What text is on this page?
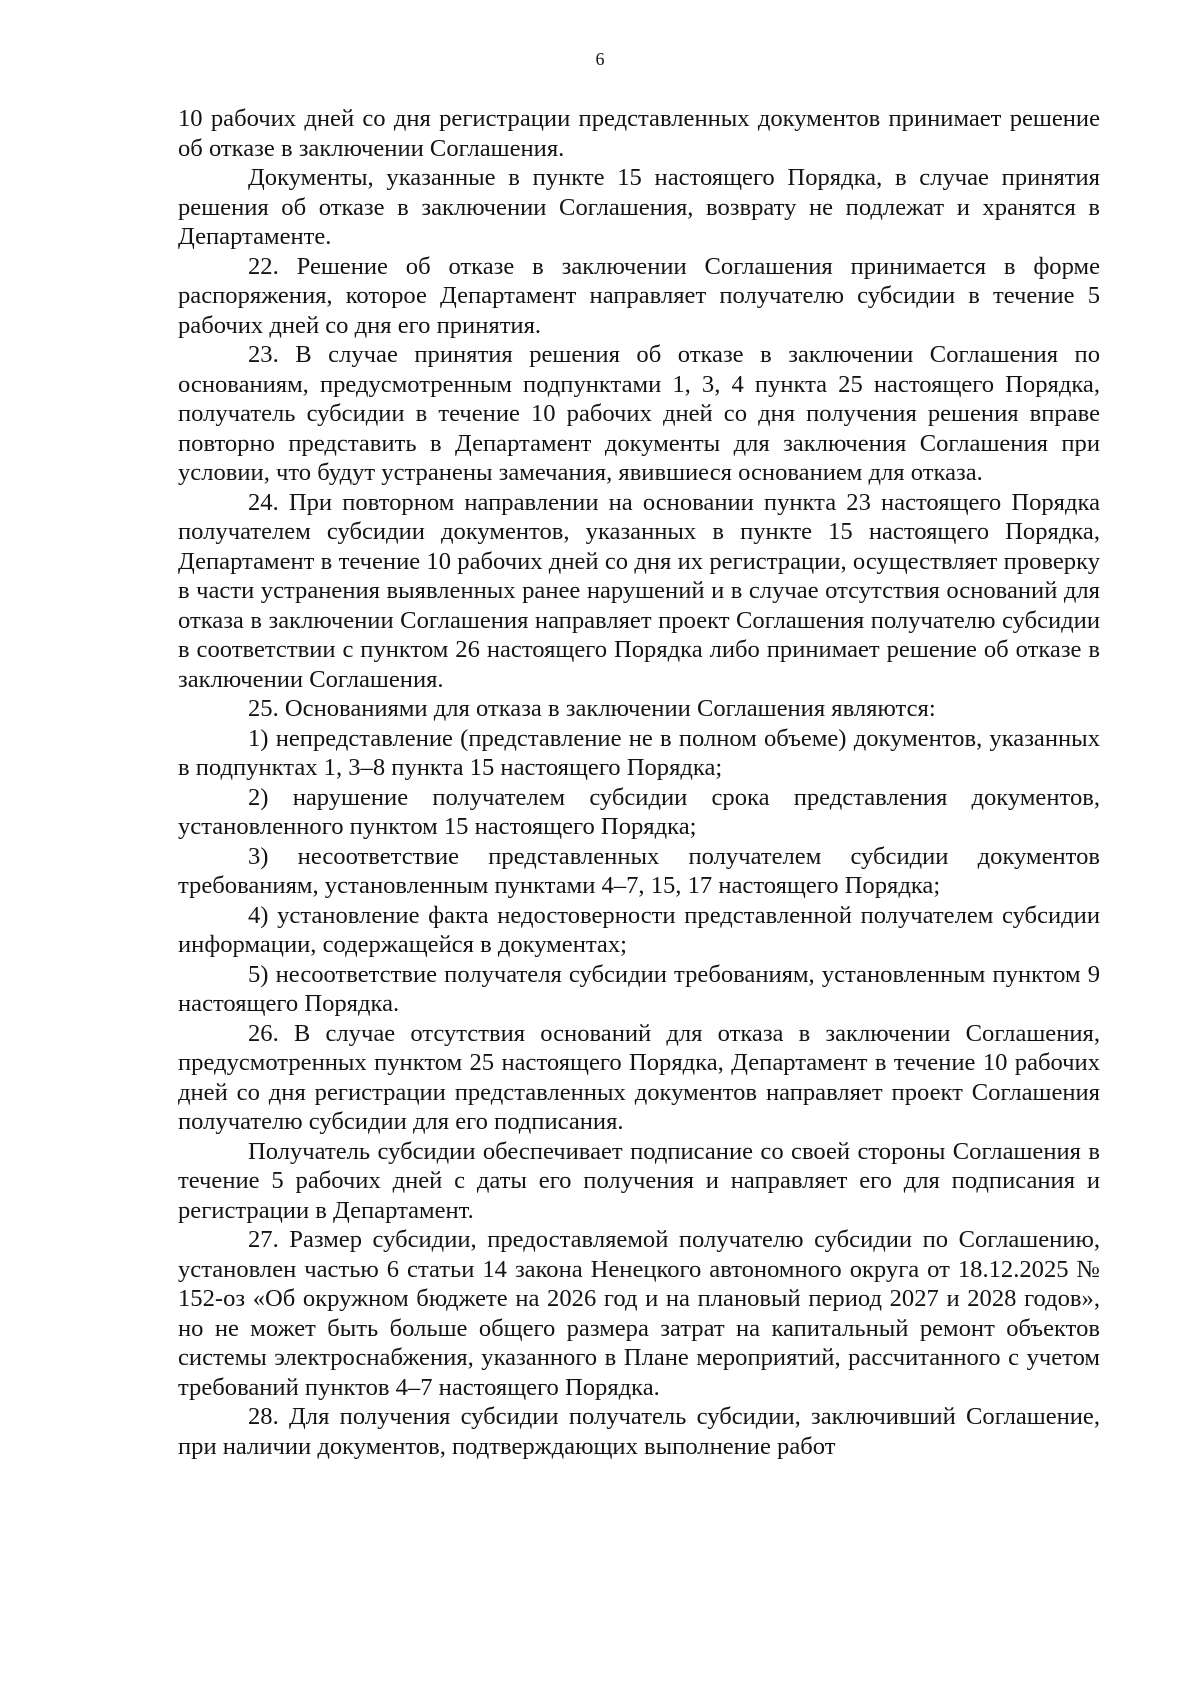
6

10 рабочих дней со дня регистрации представленных документов принимает решение об отказе в заключении Соглашения.

Документы, указанные в пункте 15 настоящего Порядка, в случае принятия решения об отказе в заключении Соглашения, возврату не подлежат и хранятся в Департаменте.

22. Решение об отказе в заключении Соглашения принимается в форме распоряжения, которое Департамент направляет получателю субсидии в течение 5 рабочих дней со дня его принятия.

23. В случае принятия решения об отказе в заключении Соглашения по основаниям, предусмотренным подпунктами 1, 3, 4 пункта 25 настоящего Порядка, получатель субсидии в течение 10 рабочих дней со дня получения решения вправе повторно представить в Департамент документы для заключения Соглашения при условии, что будут устранены замечания, явившиеся основанием для отказа.

24. При повторном направлении на основании пункта 23 настоящего Порядка получателем субсидии документов, указанных в пункте 15 настоящего Порядка, Департамент в течение 10 рабочих дней со дня их регистрации, осуществляет проверку в части устранения выявленных ранее нарушений и в случае отсутствия оснований для отказа в заключении Соглашения направляет проект Соглашения получателю субсидии в соответствии с пунктом 26 настоящего Порядка либо принимает решение об отказе в заключении Соглашения.

25. Основаниями для отказа в заключении Соглашения являются:

1) непредставление (представление не в полном объеме) документов, указанных в подпунктах 1, 3–8 пункта 15 настоящего Порядка;

2) нарушение получателем субсидии срока представления документов, установленного пунктом 15 настоящего Порядка;

3) несоответствие представленных получателем субсидии документов требованиям, установленным пунктами 4–7, 15, 17 настоящего Порядка;

4) установление факта недостоверности представленной получателем субсидии информации, содержащейся в документах;

5) несоответствие получателя субсидии требованиям, установленным пунктом 9 настоящего Порядка.

26. В случае отсутствия оснований для отказа в заключении Соглашения, предусмотренных пунктом 25 настоящего Порядка, Департамент в течение 10 рабочих дней со дня регистрации представленных документов направляет проект Соглашения получателю субсидии для его подписания.

Получатель субсидии обеспечивает подписание со своей стороны Соглашения в течение 5 рабочих дней с даты его получения и направляет его для подписания и регистрации в Департамент.

27. Размер субсидии, предоставляемой получателю субсидии по Соглашению, установлен частью 6 статьи 14 закона Ненецкого автономного округа от 18.12.2025 № 152-оз «Об окружном бюджете на 2026 год и на плановый период 2027 и 2028 годов», но не может быть больше общего размера затрат на капитальный ремонт объектов системы электроснабжения, указанного в Плане мероприятий, рассчитанного с учетом требований пунктов 4–7 настоящего Порядка.

28. Для получения субсидии получатель субсидии, заключивший Соглашение, при наличии документов, подтверждающих выполнение работ
